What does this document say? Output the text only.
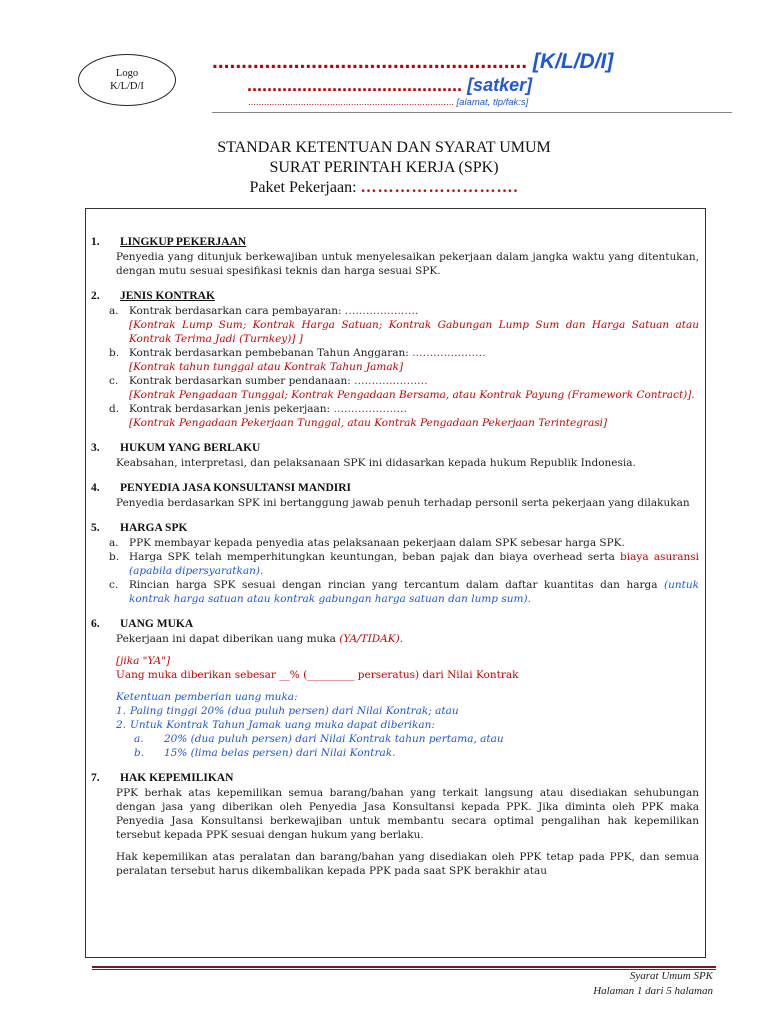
Logo
K/L/D/I
...................................................... [K/L/D/I]
........................................... [satker]
.............................................................................. [alamat, tlp/fak:s]
STANDAR KETENTUAN DAN SYARAT UMUM
SURAT PERINTAH KERJA (SPK)
Paket Pekerjaan: ……………………….
1.	LINGKUP PEKERJAAN
Penyedia yang ditunjuk berkewajiban untuk menyelesaikan pekerjaan dalam jangka waktu yang ditentukan, dengan mutu sesuai spesifikasi teknis dan harga sesuai SPK.
2.	JENIS KONTRAK
a. Kontrak berdasarkan cara pembayaran: …………………
[Kontrak Lump Sum; Kontrak Harga Satuan; Kontrak Gabungan Lump Sum dan Harga Satuan atau Kontrak Terima Jadi (Turnkey)] ]
b. Kontrak berdasarkan pembebanan Tahun Anggaran: …………………
[Kontrak tahun tunggal atau Kontrak Tahun Jamak]
c.	Kontrak berdasarkan sumber pendanaan: …………………
[Kontrak Pengadaan Tunggal; Kontrak Pengadaan Bersama, atau Kontrak Payung (Framework Contract)].
d. Kontrak berdasarkan jenis pekerjaan: …………………
[Kontrak Pengadaan Pekerjaan Tunggal, atau Kontrak Pengadaan Pekerjaan Terintegrasi]
3.	HUKUM YANG BERLAKU
Keabsahan, interpretasi, dan pelaksanaan SPK ini didasarkan kepada hukum Republik Indonesia.
4.	PENYEDIA JASA KONSULTANSI MANDIRI
Penyedia berdasarkan SPK ini bertanggung jawab penuh terhadap personil serta pekerjaan yang dilakukan
5.	HARGA SPK
a. PPK membayar kepada penyedia atas pelaksanaan pekerjaan dalam SPK sebesar harga SPK.
b. Harga SPK telah memperhitungkan keuntungan, beban pajak dan biaya overhead serta biaya asuransi (apabila dipersyaratkan).
c.	Rincian harga SPK sesuai dengan rincian yang tercantum dalam daftar kuantitas dan harga (untuk kontrak harga satuan atau kontrak gabungan harga satuan dan lump sum).
6.	UANG MUKA
Pekerjaan ini dapat diberikan uang muka (YA/TIDAK).
[jika "YA"]
Uang muka diberikan sebesar __% (_________ perseratus) dari Nilai Kontrak
Ketentuan pemberian uang muka:
1. Paling tinggi 20% (dua puluh persen) dari Nilai Kontrak; atau
2. Untuk Kontrak Tahun Jamak uang muka dapat diberikan:
a.	20% (dua puluh persen) dari Nilai Kontrak tahun pertama, atau
b.	15% (lima belas persen) dari Nilai Kontrak.
7.	HAK KEPEMILIKAN
PPK berhak atas kepemilikan semua barang/bahan yang terkait langsung atau disediakan sehubungan dengan jasa yang diberikan oleh Penyedia Jasa Konsultansi kepada PPK. Jika diminta oleh PPK maka Penyedia Jasa Konsultansi berkewajiban untuk membantu secara optimal pengalihan hak kepemilikan tersebut kepada PPK sesuai dengan hukum yang berlaku.
Hak kepemilikan atas peralatan dan barang/bahan yang disediakan oleh PPK tetap pada PPK, dan semua peralatan tersebut harus dikembalikan kepada PPK pada saat SPK berakhir atau
Syarat Umum SPK
Halaman 1 dari 5 halaman
